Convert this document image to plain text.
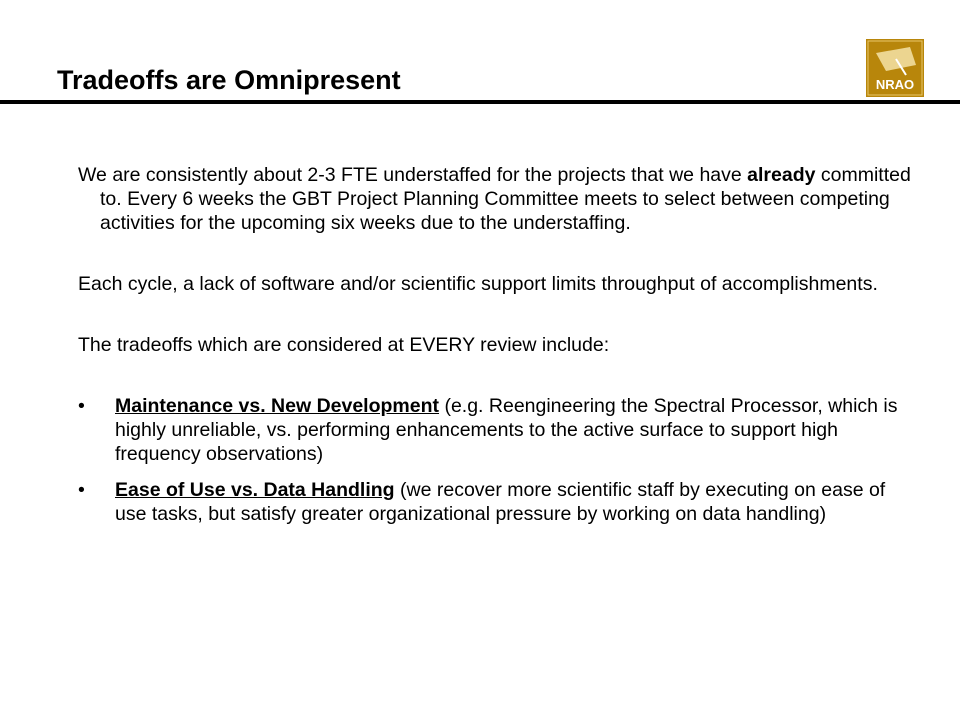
Tradeoffs are Omnipresent	NRAO

We are consistently about 2-3 FTE understaffed for the projects that we have already committed to. Every 6 weeks the GBT Project Planning Committee meets to select between competing activities for the upcoming six weeks due to the understaffing.

Each cycle, a lack of software and/or scientific support limits throughput of accomplishments.

The tradeoffs which are considered at EVERY review include:

• Maintenance vs. New Development (e.g. Reengineering the Spectral Processor, which is highly unreliable, vs. performing enhancements to the active surface to support high frequency observations)
• Ease of Use vs. Data Handling (we recover more scientific staff by executing on ease of use tasks, but satisfy greater organizational pressure by working on data handling)
